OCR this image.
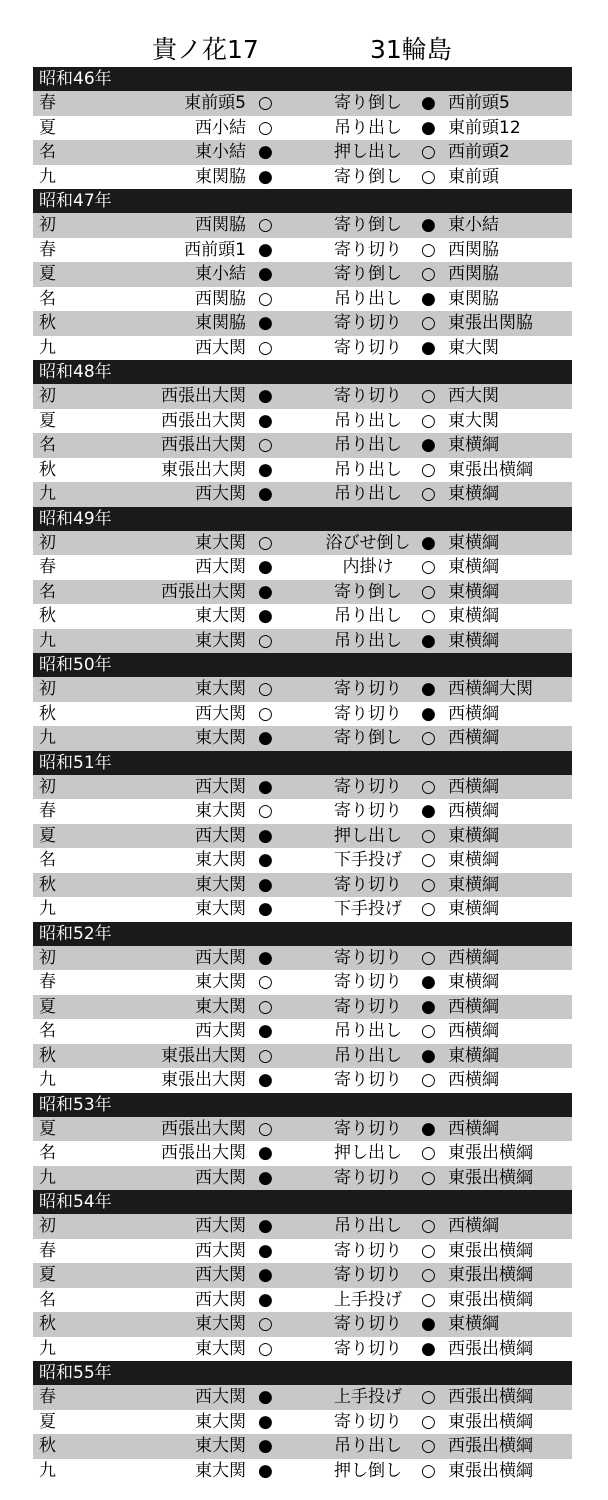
貴ノ花17	31輪島
昭和46年
春	東前頭5 ○	寄り倒し	● 西前頭5
夏	西小結 ○	吊り出し	● 東前頭12
名	東小結 ●	押し出し	○ 西前頭2
九	東関脇 ●	寄り倒し	○ 東前頭
昭和47年
初	西関脇 ○	寄り倒し	● 東小結
春	西前頭1 ●	寄り切り	○ 西関脇
夏	東小結 ●	寄り倒し	○ 西関脇
名	西関脇 ○	吊り出し	● 東関脇
秋	東関脇 ●	寄り切り	○ 東張出関脇
九	西大関 ○	寄り切り	● 東大関
昭和48年
初	西張出大関 ●	寄り切り	○ 西大関
夏	西張出大関 ●	吊り出し	○ 東大関
名	西張出大関 ○	吊り出し	● 東横綱
秋	東張出大関 ●	吊り出し	○ 東張出横綱
九	西大関 ●	吊り出し	○ 東横綱
昭和49年
初	東大関 ○	浴びせ倒し ● 東横綱
春	西大関 ●	内掛け	○ 東横綱
名	西張出大関 ●	寄り倒し	○ 東横綱
秋	東大関 ●	吊り出し	○ 東横綱
九	東大関 ○	吊り出し	● 東横綱
昭和50年
初	東大関 ○	寄り切り	● 西横綱大関
秋	西大関 ○	寄り切り	● 西横綱
九	東大関 ●	寄り倒し	○ 西横綱
昭和51年
初	西大関 ●	寄り切り	○ 西横綱
春	東大関 ○	寄り切り	● 西横綱
夏	西大関 ●	押し出し	○ 東横綱
名	東大関 ●	下手投げ	○ 東横綱
秋	東大関 ●	寄り切り	○ 東横綱
九	東大関 ●	下手投げ	○ 東横綱
昭和52年
初	西大関 ●	寄り切り	○ 西横綱
春	東大関 ○	寄り切り	● 東横綱
夏	東大関 ○	寄り切り	● 西横綱
名	西大関 ●	吊り出し	○ 西横綱
秋	東張出大関 ○	吊り出し	● 東横綱
九	東張出大関 ●	寄り切り	○ 西横綱
昭和53年
夏	西張出大関 ○	寄り切り	● 西横綱
名	西張出大関 ●	押し出し	○ 東張出横綱
九	西大関 ●	寄り切り	○ 東張出横綱
昭和54年
初	西大関 ●	吊り出し	○ 西横綱
春	西大関 ●	寄り切り	○ 東張出横綱
夏	西大関 ●	寄り切り	○ 東張出横綱
名	西大関 ●	上手投げ	○ 東張出横綱
秋	東大関 ○	寄り切り	● 東横綱
九	東大関 ○	寄り切り	● 西張出横綱
昭和55年
春	西大関 ●	上手投げ	○ 西張出横綱
夏	東大関 ●	寄り切り	○ 東張出横綱
秋	東大関 ●	吊り出し	○ 西張出横綱
九	東大関 ●	押し倒し	○ 東張出横綱
